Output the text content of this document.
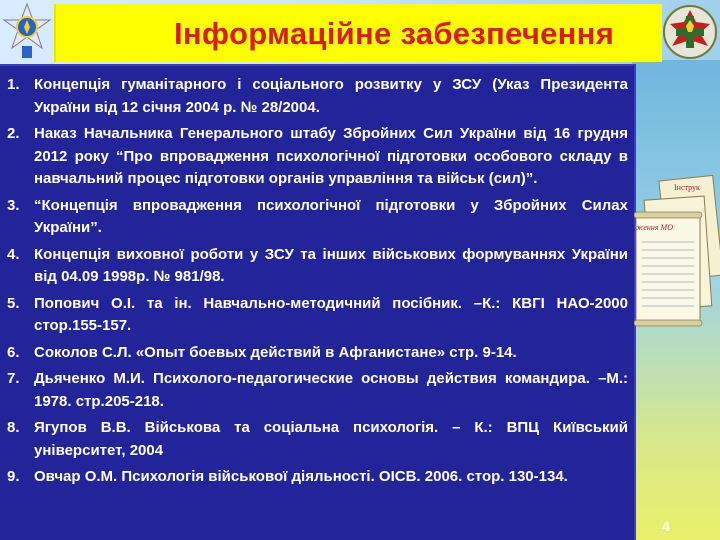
Інформаційне забезпечення
1. Концепція гуманітарного і соціального розвитку у ЗСУ (Указ Президента України від 12 січня 2004 р. № 28/2004.
2. Наказ Начальника Генерального штабу Збройних Сил України від 16 грудня 2012 року “Про впровадження психологічної підготовки особового складу в навчальний процес підготовки органів управління та військ (сил)”.
3. “Концепція впровадження психологічної підготовки у Збройних Силах України”.
4. Концепція виховної роботи у ЗСУ та інших військових формуваннях України від 04.09 1998р. № 981/98.
5. Попович О.І. та ін. Навчально-методичний посібник. –К.: КВГІ НАО-2000 стор.155-157.
6. Соколов С.Л. «Опыт боевых действий в Афганистане» стр. 9-14.
7. Дьяченко М.И. Психолого-педагогические основы действия командира. –М.: 1978. стр.205-218.
8. Ягупов В.В. Військова та соціальна психологія. – К.: ВПЦ Київський університет, 2004
9. Овчар О.М. Психологія військової діяльності. ОІСВ. 2006. стор. 130-134.
Інструк
ження МО
4
